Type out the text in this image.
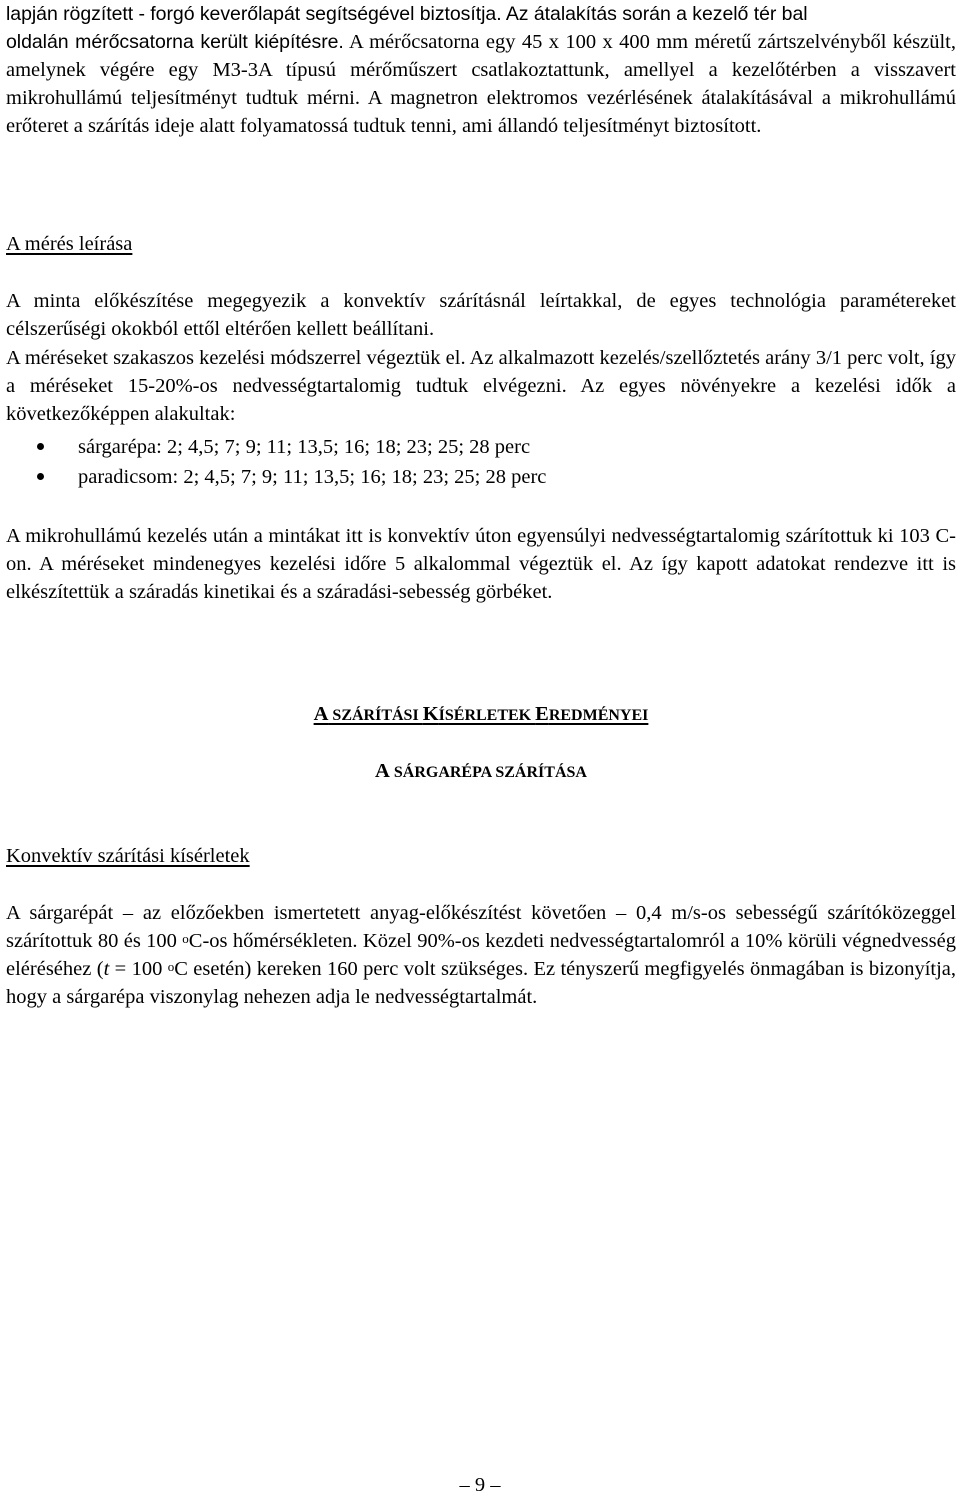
lapján rögzített - forgó keverőlapát segítségével biztosítja. Az átalakítás során a kezelő tér bal
oldalán mérőcsatorna került kiépítésre. A mérőcsatorna egy 45 x 100 x 400 mm méretű zártszelvényből készült, amelynek végére egy M3-3A típusú mérőműszert csatlakoztattunk, amellyel a kezelőtérben a visszavert mikrohullámú teljesítményt tudtuk mérni. A magnetron elektromos vezérlésének átalakításával a mikrohullámú erőteret a szárítás ideje alatt folyamatossá tudtuk tenni, ami állandó teljesítményt biztosított.

A mérés leírása

A minta előkészítése megegyezik a konvektív szárításnál leírtakkal, de egyes technológia paramétereket célszerűségi okokból ettől eltérően kellett beállítani.

A méréseket szakaszos kezelési módszerrel végeztük el. Az alkalmazott kezelés/szellőztetés arány 3/1 perc volt, így a méréseket 15-20%-os nedvességtartalomig tudtuk elvégezni. Az egyes növényekre a kezelési idők a következőképpen alakultak:

sárgarépa: 2; 4,5; 7; 9; 11; 13,5; 16; 18; 23; 25; 28 perc
paradicsom: 2; 4,5; 7; 9; 11; 13,5; 16; 18; 23; 25; 28 perc

A mikrohullámú kezelés után a mintákat itt is konvektív úton egyensúlyi nedvességtartalomig szárítottuk ki 103 C-on. A méréseket mindenegyes kezelési időre 5 alkalommal végeztük el. Az így kapott adatokat rendezve itt is elkészítettük a száradás kinetikai és a száradási-sebesség görbéket.

A SZÁRÍTÁSI KÍSÉRLETEK EREDMÉNYEI
A SÁRGARÉPA SZÁRÍTÁSA
Konvektív szárítási kísérletek

A sárgarépát – az előzőekben ismertetett anyag-előkészítést követően – 0,4 m/s-os sebességű szárítóközeggel szárítottuk 80 és 100 $^o$C-os hőmérsékleten. Közel 90%-os kezdeti nedvességtartalomról a 10% körüli végnedvesség eléréséhez (t = 100 $^o$C esetén) kereken 160 perc volt szükséges. Ez tényszerű megfigyelés önmagában is bizonyítja, hogy a sárgarépa viszonylag nehezen adja le nedvességtartalmát.

– 9 –
